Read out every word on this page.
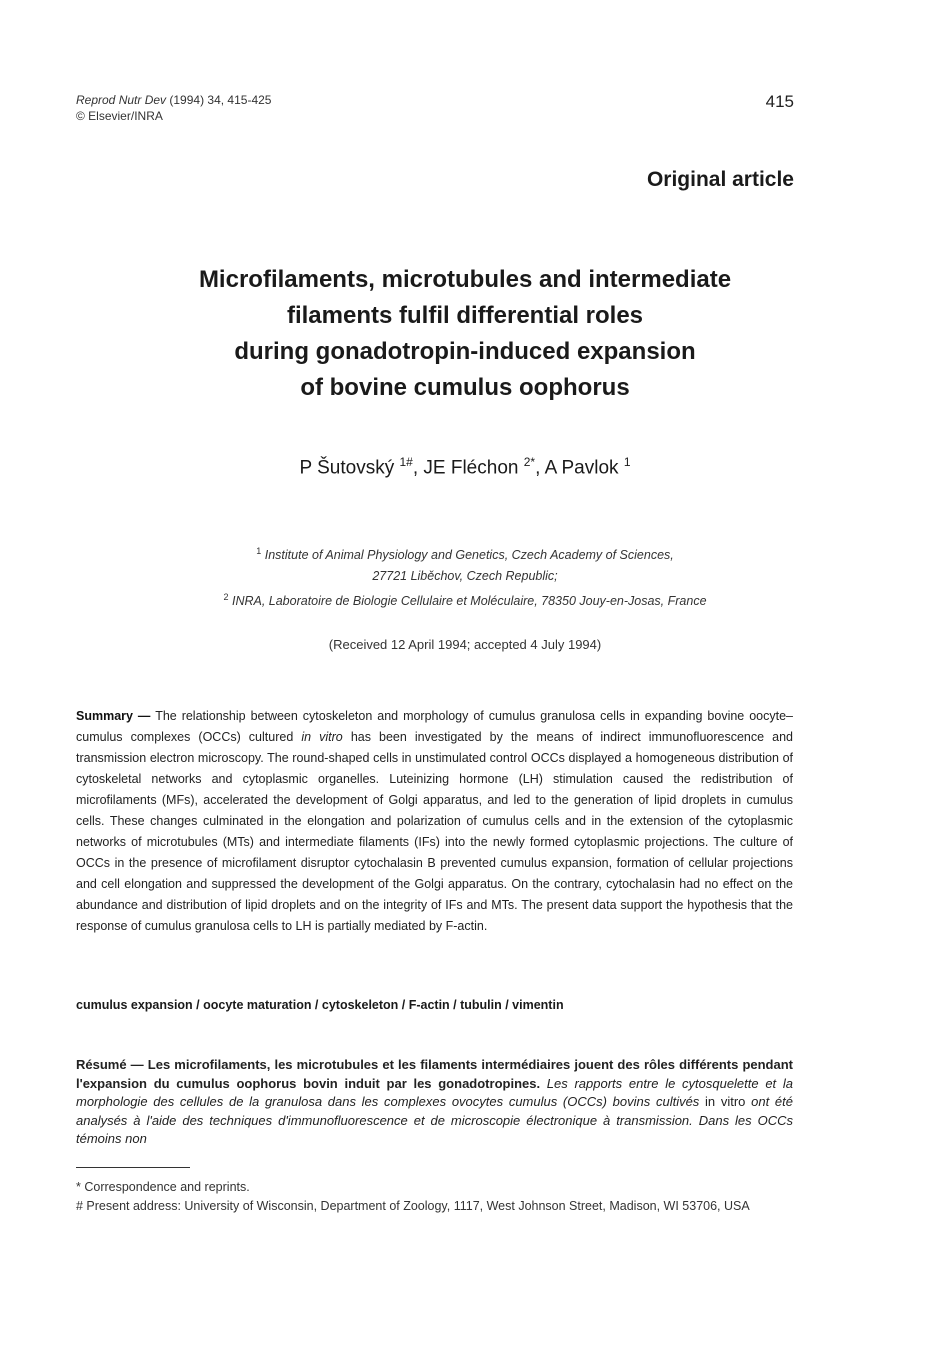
Reprod Nutr Dev (1994) 34, 415-425
© Elsevier/INRA
415
Original article
Microfilaments, microtubules and intermediate
filaments fulfil differential roles
during gonadotropin-induced expansion
of bovine cumulus oophorus
P Šutovský $^{1\#}$, JE Fléchon $^{2*}$, A Pavlok $^1$
$^1$ Institute of Animal Physiology and Genetics, Czech Academy of Sciences,
27721 Liběchov, Czech Republic;
$^2$ INRA, Laboratoire de Biologie Cellulaire et Moléculaire, 78350 Jouy-en-Josas, France
(Received 12 April 1994; accepted 4 July 1994)

Summary — The relationship between cytoskeleton and morphology of cumulus granulosa cells in expanding bovine oocyte–cumulus complexes (OCCs) cultured in vitro has been investigated by the means of indirect immunofluorescence and transmission electron microscopy. The round-shaped cells in unstimulated control OCCs displayed a homogeneous distribution of cytoskeletal networks and cytoplasmic organelles. Luteinizing hormone (LH) stimulation caused the redistribution of microfilaments (MFs), accelerated the development of Golgi apparatus, and led to the generation of lipid droplets in cumulus cells. These changes culminated in the elongation and polarization of cumulus cells and in the extension of the cytoplasmic networks of microtubules (MTs) and intermediate filaments (IFs) into the newly formed cytoplasmic projections. The culture of OCCs in the presence of microfilament disruptor cytochalasin B prevented cumulus expansion, formation of cellular projections and cell elongation and suppressed the development of the Golgi apparatus. On the contrary, cytochalasin had no effect on the abundance and distribution of lipid droplets and on the integrity of IFs and MTs. The present data support the hypothesis that the response of cumulus granulosa cells to LH is partially mediated by F-actin.

cumulus expansion / oocyte maturation / cytoskeleton / F-actin / tubulin / vimentin

Résumé — Les microfilaments, les microtubules et les filaments intermédiaires jouent des rôles différents pendant l'expansion du cumulus oophorus bovin induit par les gonadotropines. Les rapports entre le cytosquelette et la morphologie des cellules de la granulosa dans les complexes ovocytes cumulus (OCCs) bovins cultivés in vitro ont été analysés à l'aide des techniques d'immunofluorescence et de microscopie électronique à transmission. Dans les OCCs témoins non

* Correspondence and reprints.

# Present address: University of Wisconsin, Department of Zoology, 1117, West Johnson Street, Madison, WI 53706, USA
